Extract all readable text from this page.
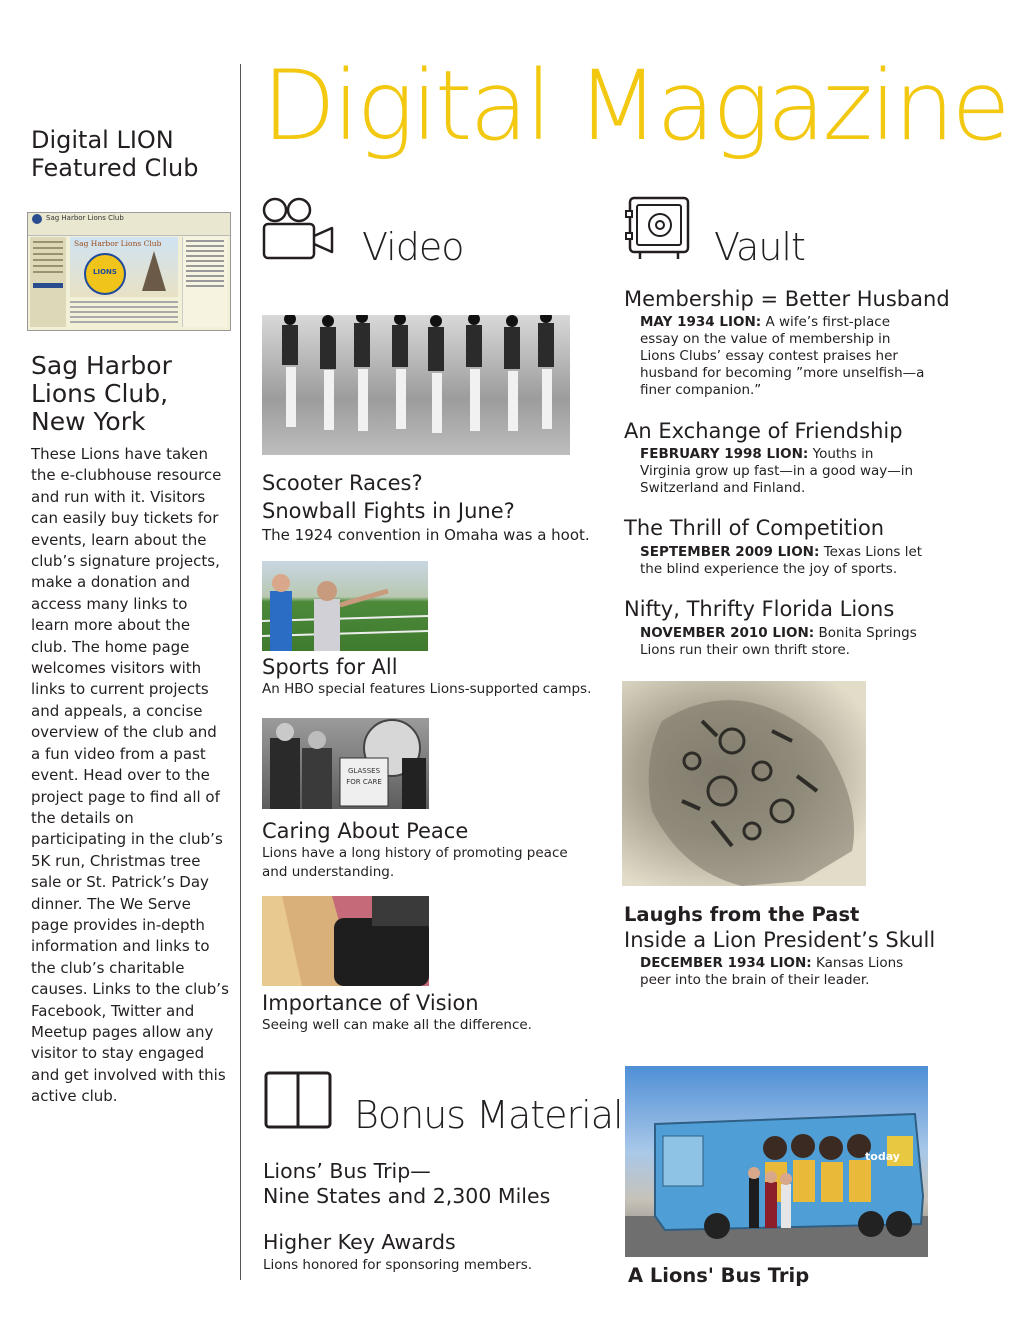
Digital Magazine
Digital LION
Featured Club
Sag Harbor Lions Club
Sag Harbor Lions Club
LIONS
Sag Harbor
Lions Club,
New York
These Lions have taken the e-clubhouse resource and run with it. Visitors can easily buy tickets for events, learn about the club’s signature projects, make a donation and access many links to learn more about the club. The home page welcomes visitors with links to current projects and appeals, a concise overview of the club and a fun video from a past event. Head over to the project page to find all of the details on participating in the club’s 5K run, Christmas tree sale or St. Patrick’s Day dinner. The We Serve page provides in-depth information and links to the club’s charitable causes. Links to the club’s Facebook, Twitter and Meetup pages allow any visitor to stay engaged and get involved with this active club.
Video
Scooter Races?
Snowball Fights in June?
The 1924 convention in Omaha was a hoot.
Sports for All
An HBO special features Lions-supported camps.
GLASSES FOR CARE
Caring About Peace
Lions have a long history of promoting peace
and understanding.
Importance of Vision
Seeing well can make all the difference.
Bonus Material
Lions’ Bus Trip—
Nine States and 2,300 Miles
Higher Key Awards
Lions honored for sponsoring members.
Vault
Membership = Better Husband
MAY 1934 LION: A wife’s first-place essay on the value of membership in Lions Clubs’ essay contest praises her husband for becoming ”more unselfish—a finer companion.”
An Exchange of Friendship
FEBRUARY 1998 LION: Youths in Virginia grow up fast—in a good way—in Switzerland and Finland.
The Thrill of Competition
SEPTEMBER 2009 LION: Texas Lions let the blind experience the joy of sports.
Nifty, Thrifty Florida Lions
NOVEMBER 2010 LION: Bonita Springs Lions run their own thrift store.
Laughs from the Past
Inside a Lion President’s Skull
DECEMBER 1934 LION: Kansas Lions peer into the brain of their leader.
today
A Lions' Bus Trip
